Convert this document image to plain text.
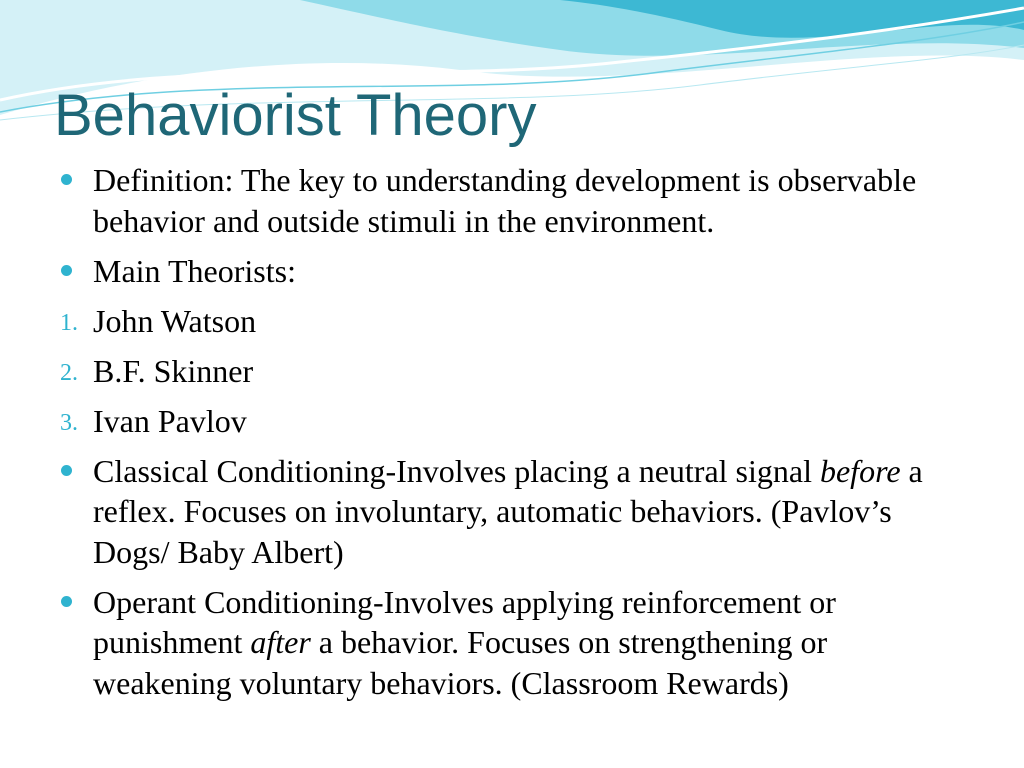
Behaviorist Theory
Definition: The key to understanding development is observable behavior and outside stimuli in the environment.
Main Theorists:
1. John Watson
2. B.F. Skinner
3. Ivan Pavlov
Classical Conditioning-Involves placing a neutral signal before a reflex. Focuses on involuntary, automatic behaviors. (Pavlov’s Dogs/ Baby Albert)
Operant Conditioning-Involves applying reinforcement or punishment after a behavior. Focuses on strengthening or weakening voluntary behaviors. (Classroom Rewards)
